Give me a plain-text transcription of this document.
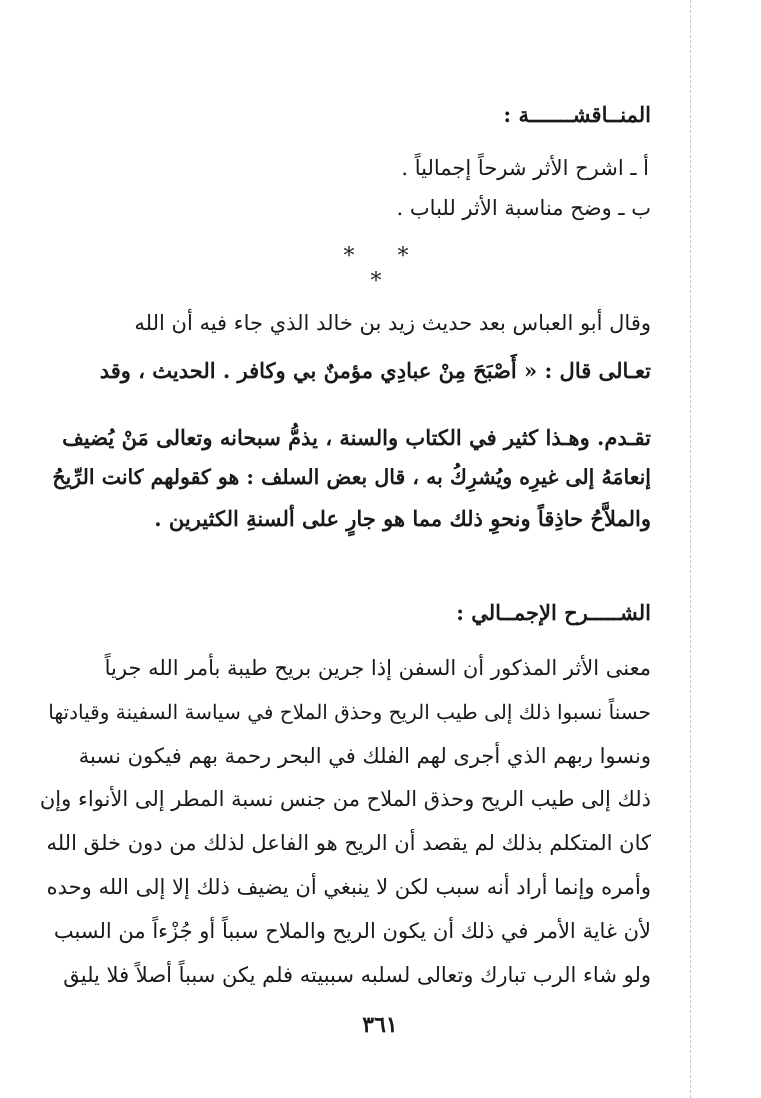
المنــاقشـــــــة :
أ ـ اشرح الأثر شرحاً إجمالياً .
ب ـ وضح مناسبة الأثر للباب .
* * *
وقال أبو العباس بعد حديث زيد بن خالد الذي جاء فيه أن الله
تعـالى قال : « أَصْبَحَ مِنْ عبادِي مؤمنٌ بي وكافر . الحديث ، وقد
تقـدم. وهـذا كثير في الكتاب والسنة ، يذمُّ سبحانه وتعالى مَنْ يُضيف
إنعامَهُ إلى غيرِه ويُشرِكُ به ، قال بعض السلف : هو كقولهم كانت الرِّيحُ
والملاَّحُ حاذِقاً ونحوِ ذلك مما هو جارٍ على ألسنةِ الكثيرين .
الشـــــرح الإجمــالي :
معنى الأثر المذكور أن السفن إذا جرين بريح طيبة بأمر الله جرياً
حسناً نسبوا ذلك إلى طيب الريح وحذق الملاح في سياسة السفينة وقيادتها
ونسوا ربهم الذي أجرى لهم الفلك في البحر رحمة بهم فيكون نسبة
ذلك إلى طيب الريح وحذق الملاح من جنس نسبة المطر إلى الأنواء وإن
كان المتكلم بذلك لم يقصد أن الريح هو الفاعل لذلك من دون خلق الله
وأمره وإنما أراد أنه سبب لكن لا ينبغي أن يضيف ذلك إلا إلى الله وحده
لأن غاية الأمر في ذلك أن يكون الريح والملاح سبباً أو جُزْءاً من السبب
ولو شاء الرب تبارك وتعالى لسلبه سببيته فلم يكن سبباً أصلاً فلا يليق
٣٦١
